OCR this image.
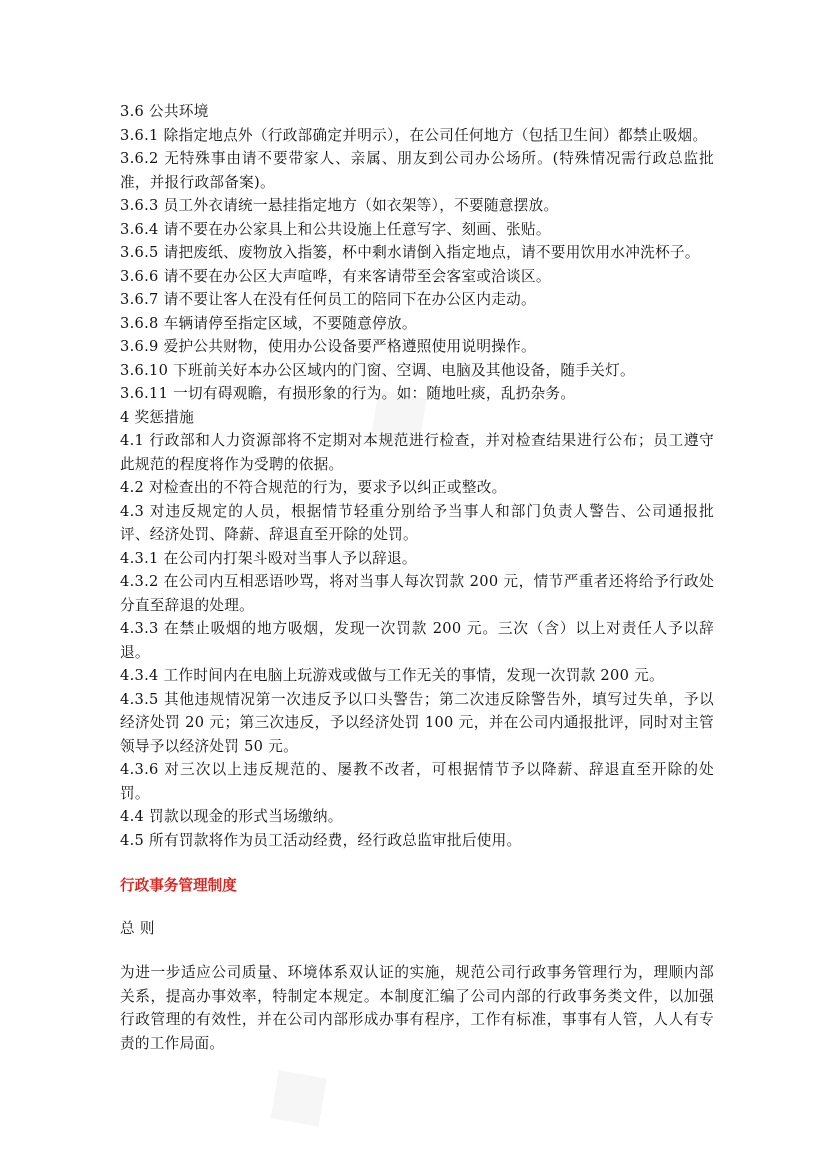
◆
◆

3.6 公共环境

3.6.1 除指定地点外（行政部确定并明示），在公司任何地方（包括卫生间）都禁止吸烟。

3.6.2 无特殊事由请不要带家人、亲属、朋友到公司办公场所。(特殊情况需行政总监批准，并报行政部备案)。

3.6.3 员工外衣请统一悬挂指定地方（如衣架等），不要随意摆放。

3.6.4 请不要在办公家具上和公共设施上任意写字、刻画、张贴。

3.6.5 请把废纸、废物放入指篓，杯中剩水请倒入指定地点，请不要用饮用水冲洗杯子。

3.6.6 请不要在办公区大声喧哗，有来客请带至会客室或洽谈区。

3.6.7 请不要让客人在没有任何员工的陪同下在办公区内走动。

3.6.8 车辆请停至指定区域，不要随意停放。

3.6.9 爱护公共财物，使用办公设备要严格遵照使用说明操作。

3.6.10 下班前关好本办公区域内的门窗、空调、电脑及其他设备，随手关灯。

3.6.11 一切有碍观瞻，有损形象的行为。如：随地吐痰，乱扔杂务。

4 奖惩措施

4.1 行政部和人力资源部将不定期对本规范进行检查，并对检查结果进行公布；员工遵守此规范的程度将作为受聘的依据。

4.2 对检查出的不符合规范的行为，要求予以纠正或整改。

4.3 对违反规定的人员，根据情节轻重分别给予当事人和部门负责人警告、公司通报批评、经济处罚、降薪、辞退直至开除的处罚。

4.3.1 在公司内打架斗殴对当事人予以辞退。

4.3.2 在公司内互相恶语吵骂，将对当事人每次罚款 200 元，情节严重者还将给予行政处分直至辞退的处理。

4.3.3 在禁止吸烟的地方吸烟，发现一次罚款 200 元。三次（含）以上对责任人予以辞退。

4.3.4 工作时间内在电脑上玩游戏或做与工作无关的事情，发现一次罚款 200 元。

4.3.5 其他违规情况第一次违反予以口头警告；第二次违反除警告外，填写过失单，予以经济处罚 20 元；第三次违反，予以经济处罚 100 元，并在公司内通报批评，同时对主管领导予以经济处罚 50 元。

4.3.6 对三次以上违反规范的、屡教不改者，可根据情节予以降薪、辞退直至开除的处罚。

4.4 罚款以现金的形式当场缴纳。

4.5 所有罚款将作为员工活动经费，经行政总监审批后使用。

行政事务管理制度

总 则

为进一步适应公司质量、环境体系双认证的实施，规范公司行政事务管理行为，理顺内部关系，提高办事效率，特制定本规定。本制度汇编了公司内部的行政事务类文件，以加强行政管理的有效性，并在公司内部形成办事有程序，工作有标准，事事有人管，人人有专责的工作局面。
